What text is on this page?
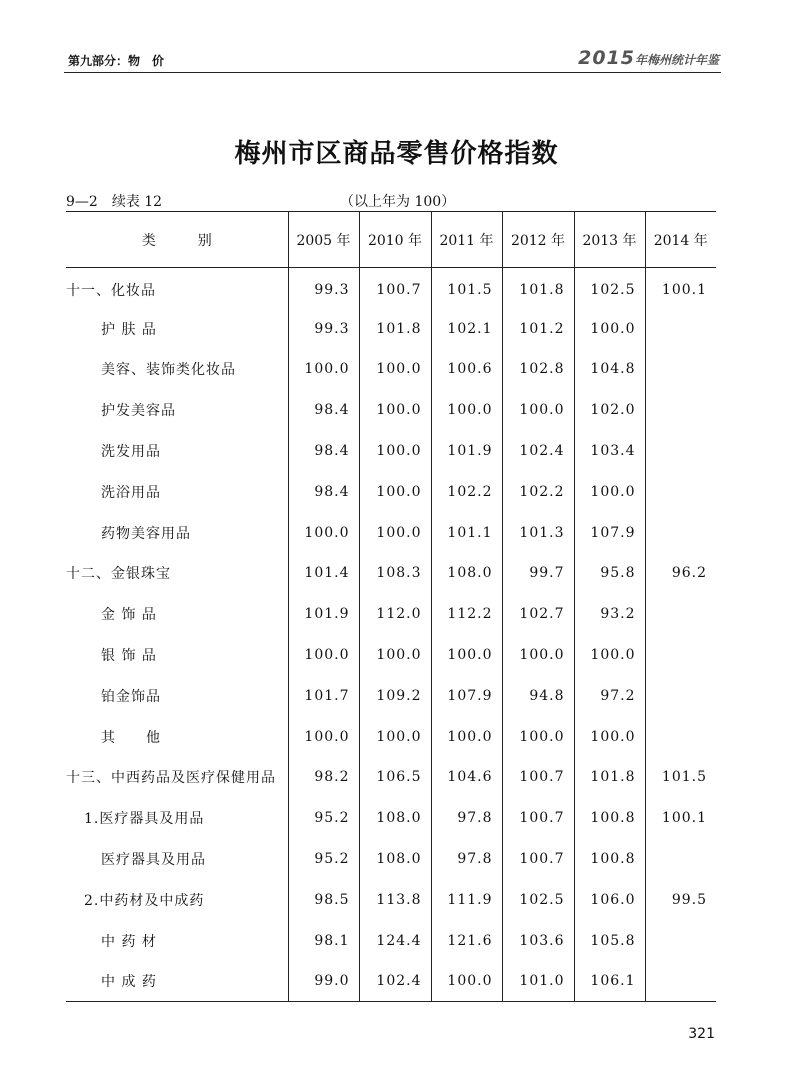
第九部分：物　价	2015年梅州统计年鉴
梅州市区商品零售价格指数
9—2　续表 12	（以上年为 100）
类　　　别	2005 年	2010 年	2011 年	2012 年	2013 年	2014 年
十一、化妆品	99.3	100.7	101.5	101.8	102.5	100.1
护 肤 品	99.3	101.8	102.1	101.2	100.0	
美容、装饰类化妆品	100.0	100.0	100.6	102.8	104.8	
护发美容品	98.4	100.0	100.0	100.0	102.0	
洗发用品	98.4	100.0	101.9	102.4	103.4	
洗浴用品	98.4	100.0	102.2	102.2	100.0	
药物美容用品	100.0	100.0	101.1	101.3	107.9	
十二、金银珠宝	101.4	108.3	108.0	99.7	95.8	96.2
金 饰 品	101.9	112.0	112.2	102.7	93.2	
银 饰 品	100.0	100.0	100.0	100.0	100.0	
铂金饰品	101.7	109.2	107.9	94.8	97.2	
其　　他	100.0	100.0	100.0	100.0	100.0	
十三、中西药品及医疗保健用品	98.2	106.5	104.6	100.7	101.8	101.5
1.医疗器具及用品	95.2	108.0	97.8	100.7	100.8	100.1
医疗器具及用品	95.2	108.0	97.8	100.7	100.8	
2.中药材及中成药	98.5	113.8	111.9	102.5	106.0	99.5
中 药 材	98.1	124.4	121.6	103.6	105.8	
中 成 药	99.0	102.4	100.0	101.0	106.1	
321
